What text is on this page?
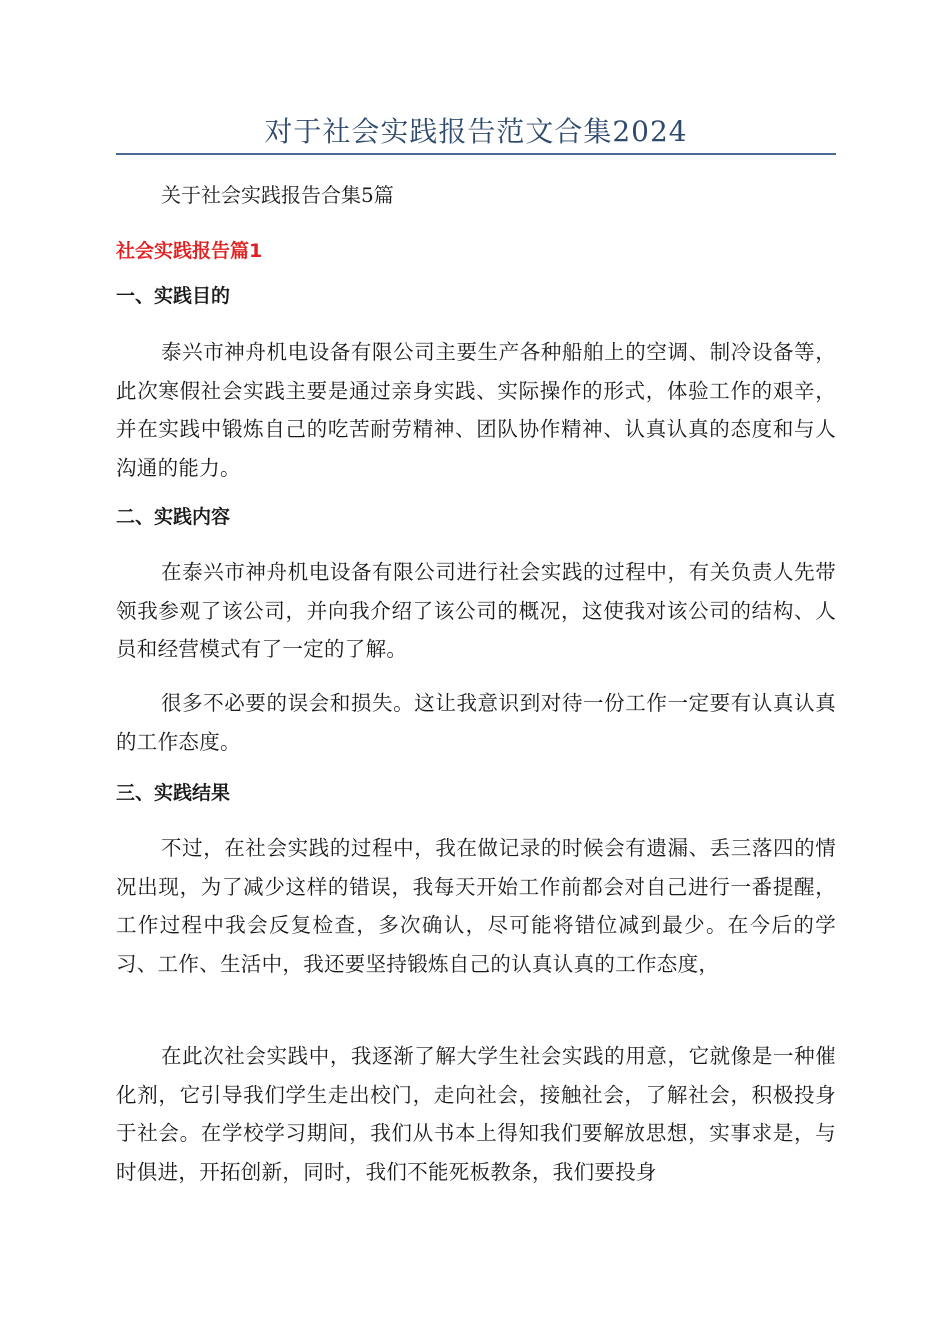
对于社会实践报告范文合集2024

关于社会实践报告合集5篇

社会实践报告篇1
一、实践目的

泰兴市神舟机电设备有限公司主要生产各种船舶上的空调、制冷设备等，此次寒假社会实践主要是通过亲身实践、实际操作的形式，体验工作的艰辛，并在实践中锻炼自己的吃苦耐劳精神、团队协作精神、认真认真的态度和与人沟通的能力。

二、实践内容

在泰兴市神舟机电设备有限公司进行社会实践的过程中，有关负责人先带领我参观了该公司，并向我介绍了该公司的概况，这使我对该公司的结构、人员和经营模式有了一定的了解。

很多不必要的误会和损失。这让我意识到对待一份工作一定要有认真认真的工作态度。

三、实践结果

不过，在社会实践的过程中，我在做记录的时候会有遗漏、丢三落四的情况出现，为了减少这样的错误，我每天开始工作前都会对自己进行一番提醒，工作过程中我会反复检查，多次确认，尽可能将错位减到最少。在今后的学习、工作、生活中，我还要坚持锻炼自己的认真认真的工作态度，

在此次社会实践中，我逐渐了解大学生社会实践的用意，它就像是一种催化剂，它引导我们学生走出校门，走向社会，接触社会，了解社会，积极投身于社会。在学校学习期间，我们从书本上得知我们要解放思想，实事求是，与时俱进，开拓创新，同时，我们不能死板教条，我们要投身
